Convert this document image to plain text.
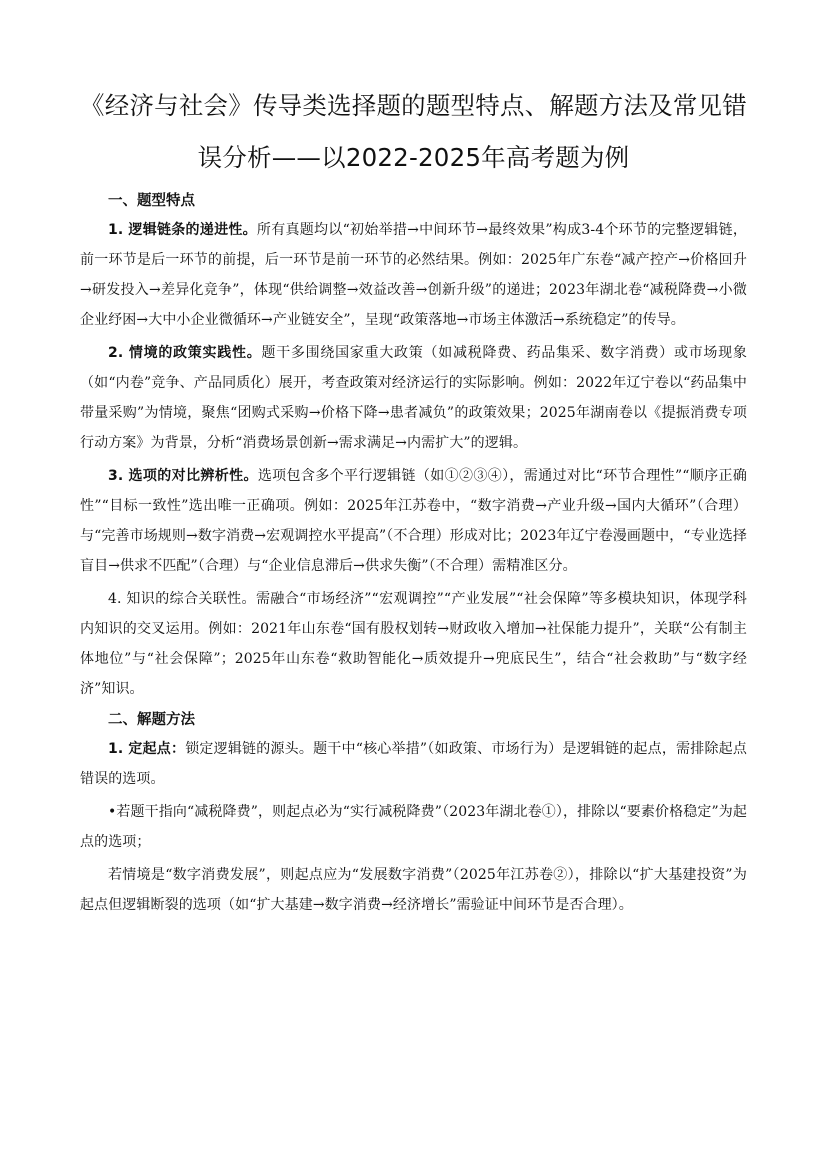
《经济与社会》传导类选择题的题型特点、解题方法及常见错
误分析——以2022-2025年高考题为例
一、题型特点

1. 逻辑链条的递进性。所有真题均以“初始举措→中间环节→最终效果”构成3-4个环节的完整逻辑链，前一环节是后一环节的前提，后一环节是前一环节的必然结果。例如：2025年广东卷“减产控产→价格回升→研发投入→差异化竞争”，体现“供给调整→效益改善→创新升级”的递进；2023年湖北卷“减税降费→小微企业纾困→大中小企业微循环→产业链安全”，呈现“政策落地→市场主体激活→系统稳定”的传导。

2. 情境的政策实践性。题干多围绕国家重大政策（如减税降费、药品集采、数字消费）或市场现象（如“内卷”竞争、产品同质化）展开，考查政策对经济运行的实际影响。例如：2022年辽宁卷以“药品集中带量采购”为情境，聚焦“团购式采购→价格下降→患者减负”的政策效果；2025年湖南卷以《提振消费专项行动方案》为背景，分析“消费场景创新→需求满足→内需扩大”的逻辑。

3. 选项的对比辨析性。选项包含多个平行逻辑链（如①②③④），需通过对比“环节合理性”“顺序正确性”“目标一致性”选出唯一正确项。例如：2025年江苏卷中，“数字消费→产业升级→国内大循环”（合理）与“完善市场规则→数字消费→宏观调控水平提高”（不合理）形成对比；2023年辽宁卷漫画题中，“专业选择盲目→供求不匹配”（合理）与“企业信息滞后→供求失衡”（不合理）需精准区分。

4. 知识的综合关联性。需融合“市场经济”“宏观调控”“产业发展”“社会保障”等多模块知识，体现学科内知识的交叉运用。例如：2021年山东卷“国有股权划转→财政收入增加→社保能力提升”，关联“公有制主体地位”与“社会保障”；2025年山东卷“救助智能化→质效提升→兜底民生”，结合“社会救助”与“数字经济”知识。

二、解题方法

1. 定起点：锁定逻辑链的源头。题干中“核心举措”（如政策、市场行为）是逻辑链的起点，需排除起点错误的选项。

•若题干指向“减税降费”，则起点必为“实行减税降费”（2023年湖北卷①），排除以“要素价格稳定”为起点的选项；

若情境是“数字消费发展”，则起点应为“发展数字消费”（2025年江苏卷②），排除以“扩大基建投资”为起点但逻辑断裂的选项（如“扩大基建→数字消费→经济增长”需验证中间环节是否合理）。
